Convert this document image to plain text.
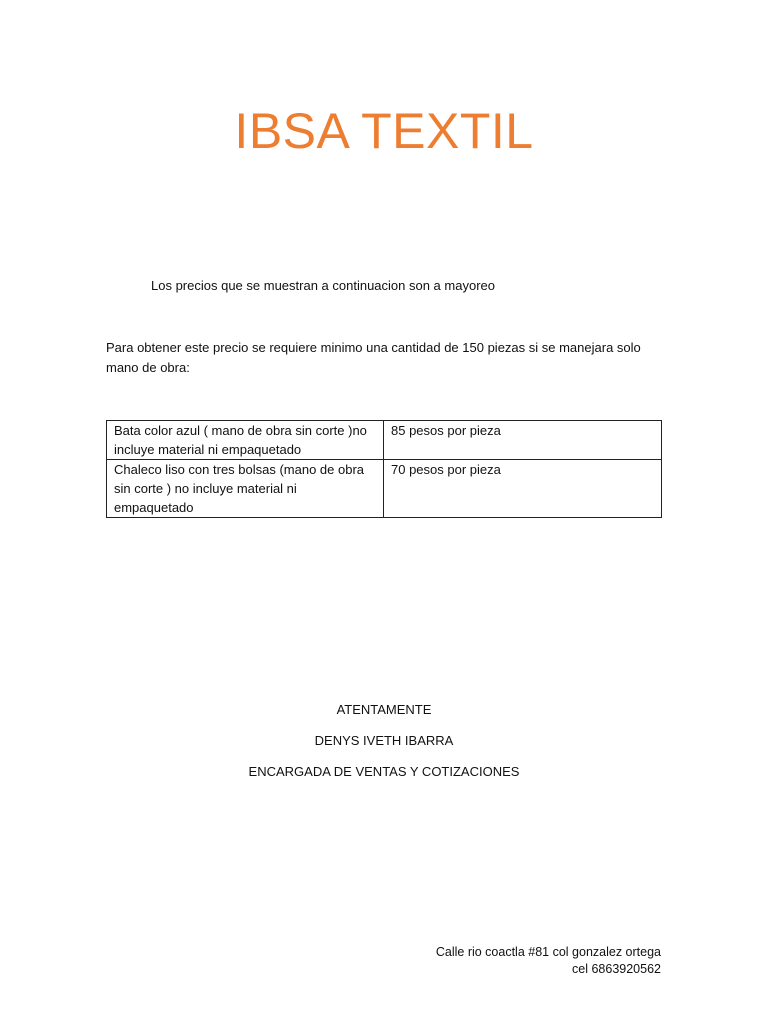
IBSA TEXTIL

Los precios que se muestran a continuacion son a mayoreo

Para obtener este precio se requiere minimo una cantidad de 150 piezas si se manejara solo mano de obra:

Bata color azul ( mano de obra sin corte )no incluye material ni empaquetado	85 pesos por pieza
Chaleco liso con tres bolsas (mano de obra sin corte ) no incluye material ni empaquetado	70 pesos por pieza

ATENTAMENTE

DENYS IVETH IBARRA

ENCARGADA DE VENTAS Y COTIZACIONES

Calle rio coactla #81 col gonzalez ortega
cel 6863920562
